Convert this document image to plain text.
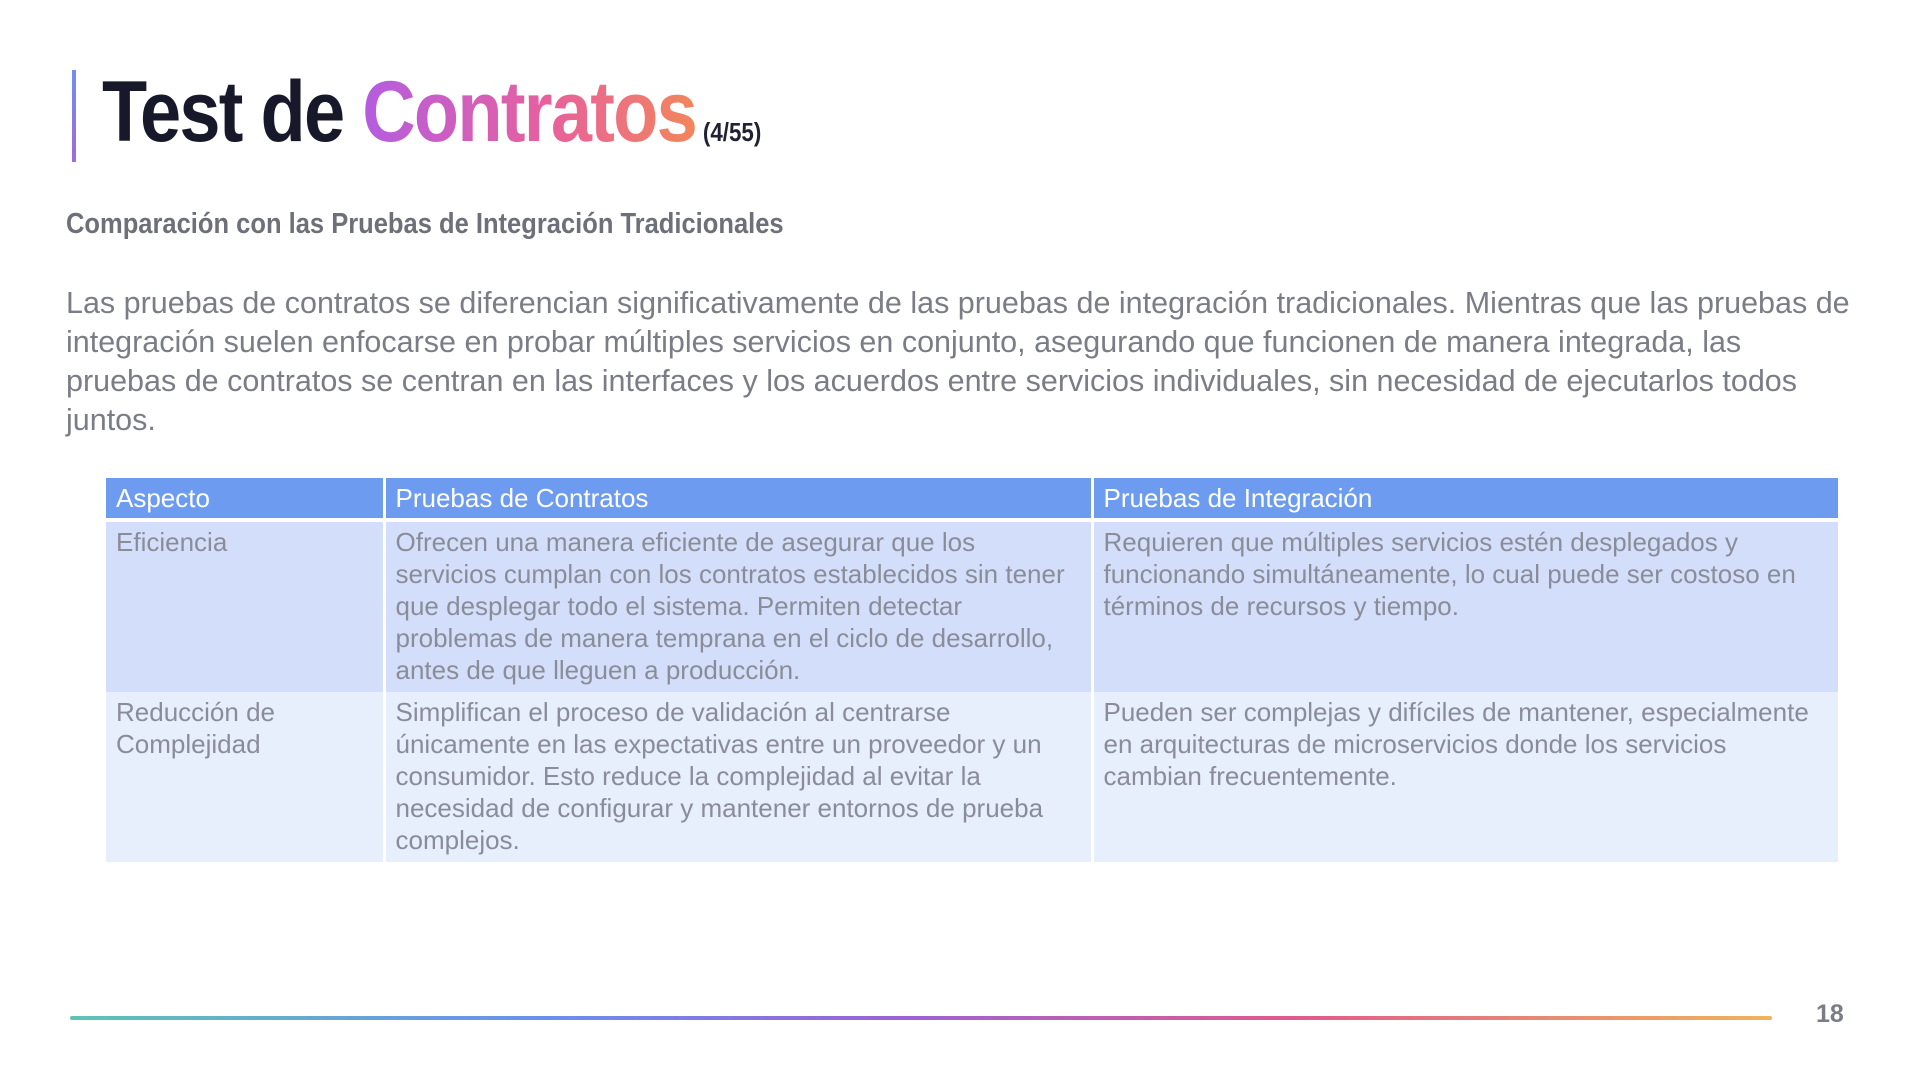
Test de Contratos (4/55)
Comparación con las Pruebas de Integración Tradicionales

Las pruebas de contratos se diferencian significativamente de las pruebas de integración tradicionales. Mientras que las pruebas de integración suelen enfocarse en probar múltiples servicios en conjunto, asegurando que funcionen de manera integrada, las pruebas de contratos se centran en las interfaces y los acuerdos entre servicios individuales, sin necesidad de ejecutarlos todos juntos.

Aspecto	Pruebas de Contratos	Pruebas de Integración
Eficiencia	Ofrecen una manera eficiente de asegurar que los servicios cumplan con los contratos establecidos sin tener que desplegar todo el sistema. Permiten detectar problemas de manera temprana en el ciclo de desarrollo, antes de que lleguen a producción.	Requieren que múltiples servicios estén desplegados y funcionando simultáneamente, lo cual puede ser costoso en términos de recursos y tiempo.
Reducción de Complejidad	Simplifican el proceso de validación al centrarse únicamente en las expectativas entre un proveedor y un consumidor. Esto reduce la complejidad al evitar la necesidad de configurar y mantener entornos de prueba complejos.	Pueden ser complejas y difíciles de mantener, especialmente en arquitecturas de microservicios donde los servicios cambian frecuentemente.
18
